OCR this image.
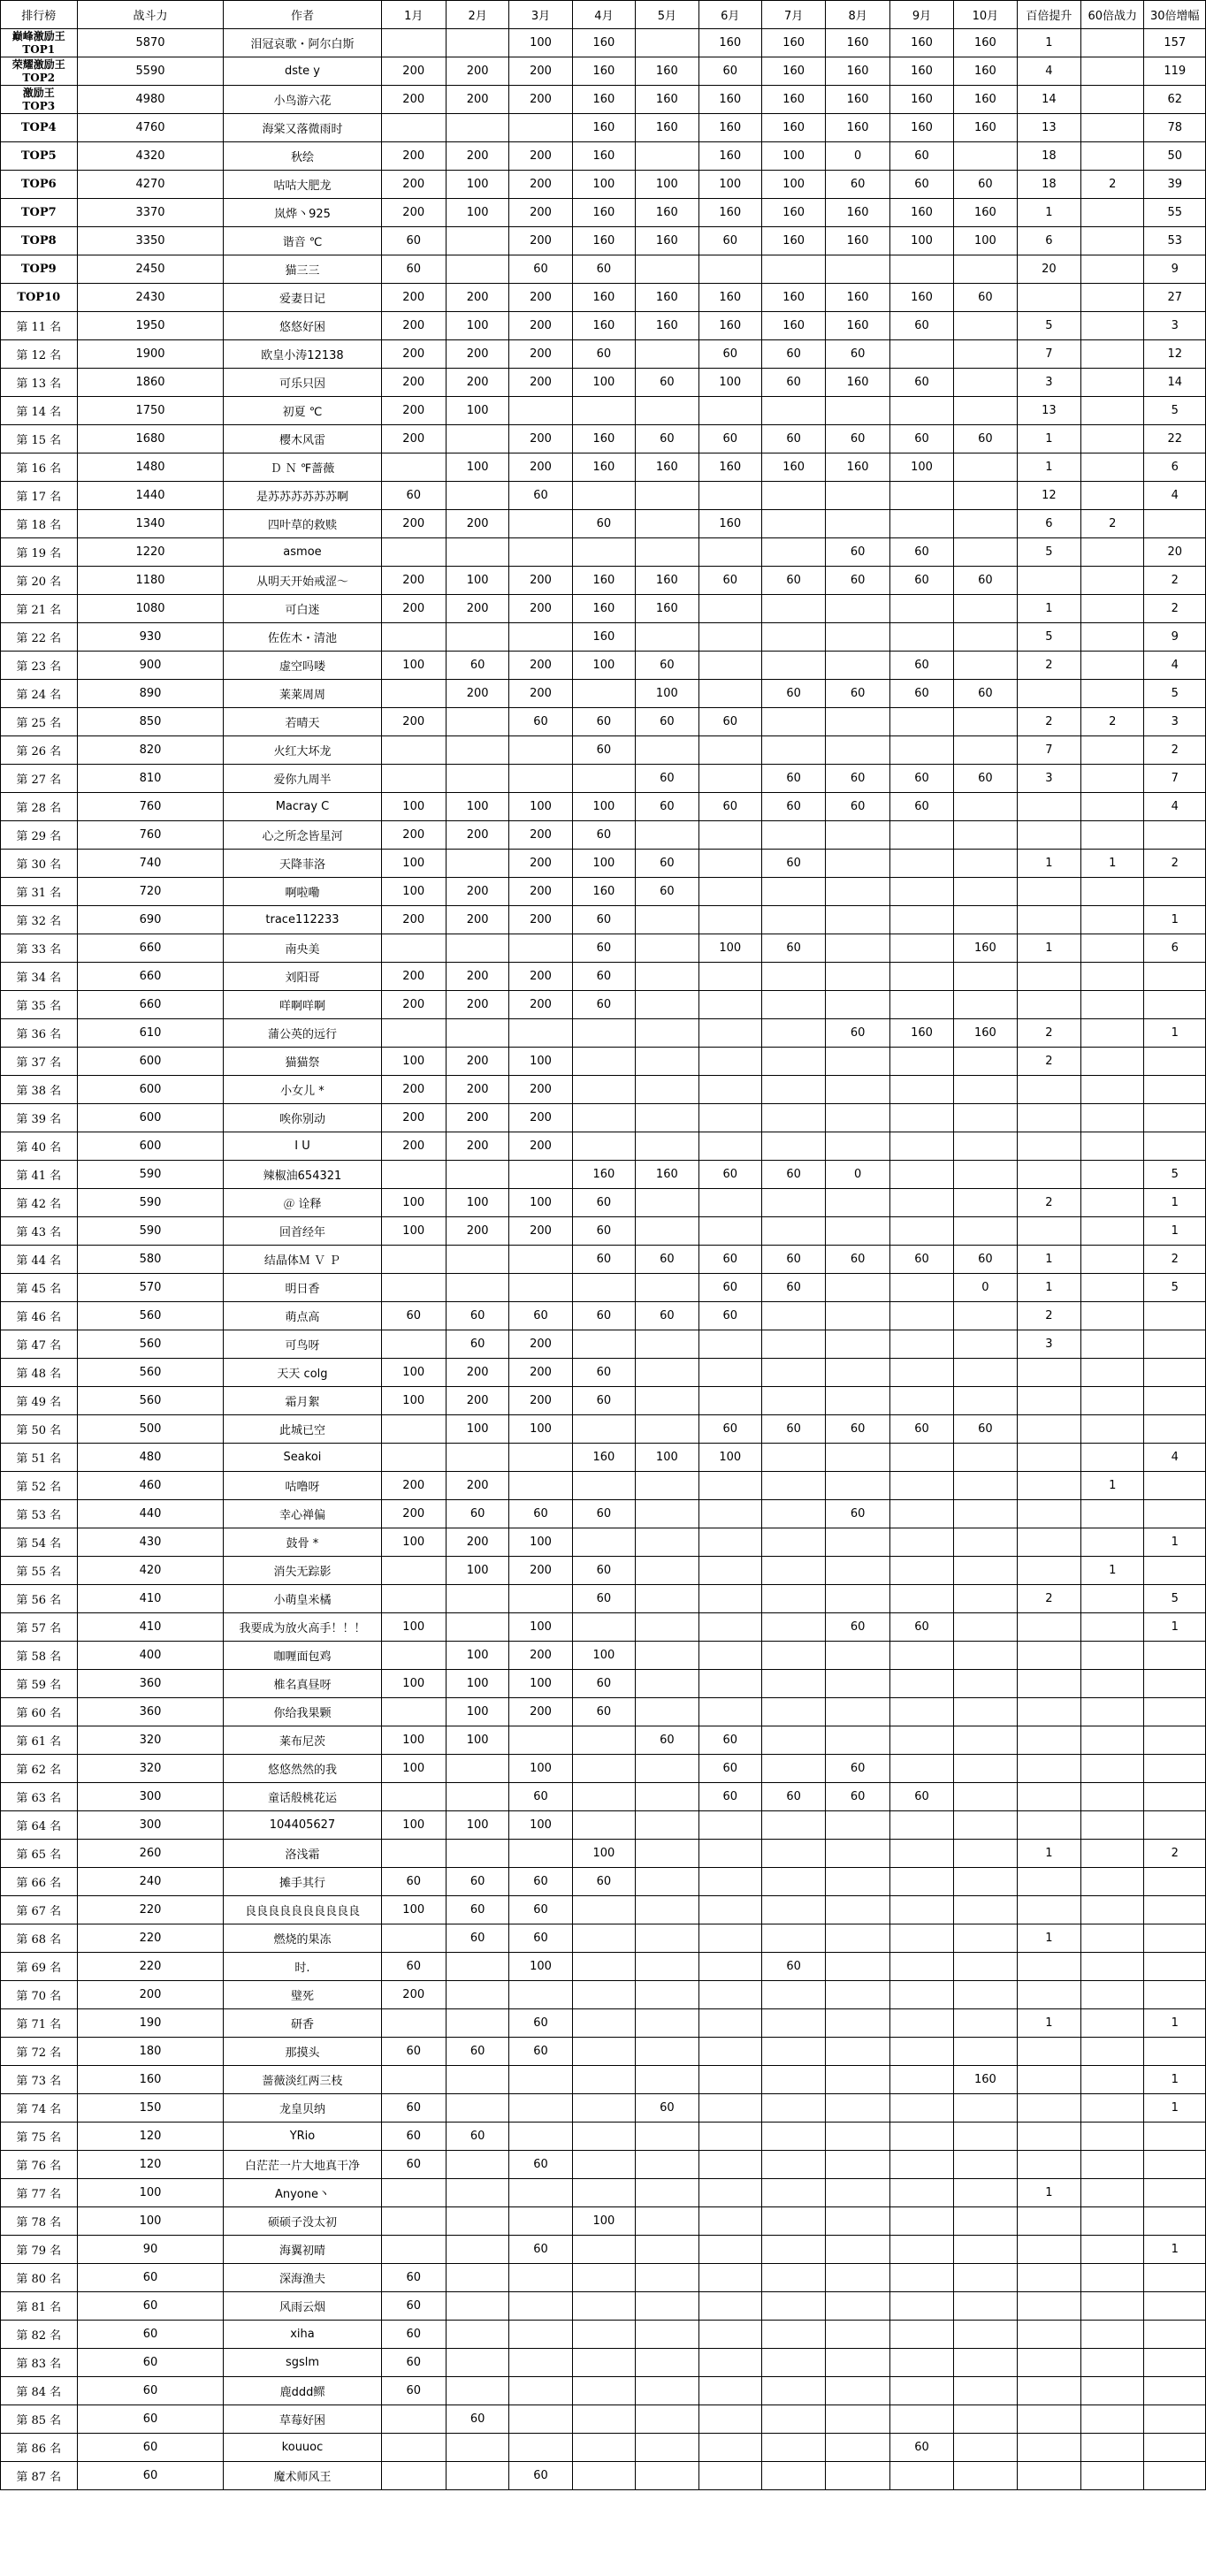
排行榜	战斗力	作者	1月	2月	3月	4月	5月	6月	7月	8月	9月	10月	百倍提升	60倍战力	30倍增幅

巅峰激励王
TOP1	5870	泪冠哀歌・阿尔白斯			100	160		160	160	160	160	160	1		157

荣耀激励王
TOP2	5590	dste y	200	200	200	160	160	60	160	160	160	160	4		119

激励王
TOP3	4980	小鸟游六花	200	200	200	160	160	160	160	160	160	160	14		62
TOP4	4760	海棠又落微雨时				160	160	160	160	160	160	160	13		78
TOP5	4320	秋绘	200	200	200	160		160	100	0	60		18		50
TOP6	4270	咕咕大肥龙	200	100	200	100	100	100	100	60	60	60	18	2	39
TOP7	3370	岚烨丶925	200	100	200	160	160	160	160	160	160	160	1		55
TOP8	3350	谐音 ℃	60		200	160	160	60	160	160	100	100	6		53
TOP9	2450	猫三三	60		60	60							20		9
TOP10	2430	爱妻日记	200	200	200	160	160	160	160	160	160	60			27
第 11 名	1950	悠悠好困	200	100	200	160	160	160	160	160	60		5		3
第 12 名	1900	欧皇小涛12138	200	200	200	60		60	60	60			7		12
第 13 名	1860	可乐只因	200	200	200	100	60	100	60	160	60		3		14
第 14 名	1750	初夏 ℃	200	100									13		5
第 15 名	1680	樱木风雷	200		200	160	60	60	60	60	60	60	1		22
第 16 名	1480	Ｄ Ｎ ℉蔷薇		100	200	160	160	160	160	160	100		1		6
第 17 名	1440	是苏苏苏苏苏苏啊	60		60								12		4
第 18 名	1340	四叶草的救赎	200	200		60		160					6	2	
第 19 名	1220	asmoe								60	60		5		20
第 20 名	1180	从明天开始戒涩～	200	100	200	160	160	60	60	60	60	60			2
第 21 名	1080	可白迷	200	200	200	160	160						1		2
第 22 名	930	佐佐木・清池				160							5		9
第 23 名	900	虚空吗喽	100	60	200	100	60				60		2		4
第 24 名	890	莱莱周周		200	200		100		60	60	60	60			5
第 25 名	850	若晴天	200		60	60	60	60					2	2	3
第 26 名	820	火红大坏龙				60							7		2
第 27 名	810	爱你九周半					60		60	60	60	60	3		7
第 28 名	760	Macray C	100	100	100	100	60	60	60	60	60				4
第 29 名	760	心之所念皆星河	200	200	200	60									
第 30 名	740	天降菲洛	100		200	100	60		60				1	1	2
第 31 名	720	啊啦嘞	100	200	200	160	60								
第 32 名	690	trace112233	200	200	200	60									1
第 33 名	660	南央美				60		100	60			160	1		6
第 34 名	660	刘阳哥	200	200	200	60									
第 35 名	660	咩啊咩啊	200	200	200	60									
第 36 名	610	蒲公英的远行								60	160	160	2		1
第 37 名	600	猫猫祭	100	200	100								2		
第 38 名	600	小女儿 *	200	200	200										
第 39 名	600	唉你别动	200	200	200										
第 40 名	600	I U	200	200	200										
第 41 名	590	辣椒油654321				160	160	60	60	0					5
第 42 名	590	＠ 诠释	100	100	100	60							2		1
第 43 名	590	回首经年	100	200	200	60									1
第 44 名	580	结晶体Ｍ Ｖ Ｐ				60	60	60	60	60	60	60	1		2
第 45 名	570	明日香						60	60			0	1		5
第 46 名	560	萌点高	60	60	60	60	60	60					2		
第 47 名	560	可鸟呀		60	200								3		
第 48 名	560	天天 colg	100	200	200	60									
第 49 名	560	霜月絮	100	200	200	60									
第 50 名	500	此城已空		100	100			60	60	60	60	60			
第 51 名	480	Seakoi				160	100	100							4
第 52 名	460	咕噜呀	200	200										1	
第 53 名	440	幸心禅偏	200	60	60	60				60					
第 54 名	430	鼓骨 *	100	200	100										1
第 55 名	420	消失无踪影		100	200	60								1	
第 56 名	410	小萌皇米橘				60							2		5
第 57 名	410	我要成为放火高手！！！	100		100					60	60				1
第 58 名	400	咖喱面包鸡		100	200	100									
第 59 名	360	椎名真昼呀	100	100	100	60									
第 60 名	360	你给我果颗		100	200	60									
第 61 名	320	莱布尼茨	100	100			60	60							
第 62 名	320	悠悠然然的我	100		100			60		60					
第 63 名	300	童话般桃花运			60			60	60	60	60				
第 64 名	300	104405627	100	100	100										
第 65 名	260	洛浅霜				100							1		2
第 66 名	240	摊手其行	60	60	60	60									
第 67 名	220	良良良良良良良良良良	100	60	60										
第 68 名	220	燃烧的果冻		60	60								1		
第 69 名	220	时.	60		100				60						
第 70 名	200	璧死	200												
第 71 名	190	研香			60								1		1
第 72 名	180	那摸头	60	60	60										
第 73 名	160	蔷薇淡红两三枝										160			1
第 74 名	150	龙皇贝纳	60				60								1
第 75 名	120	YRio	60	60											
第 76 名	120	白茫茫一片大地真干净	60		60										
第 77 名	100	Anyone丶											1		
第 78 名	100	硕硕子没太初				100									
第 79 名	90	海翼初晴			60										1
第 80 名	60	深海渔夫	60												
第 81 名	60	风雨云烟	60												
第 82 名	60	xiha	60												
第 83 名	60	sgslm	60												
第 84 名	60	鹿ddd鳏	60												
第 85 名	60	草莓好困		60											
第 86 名	60	kouuoc									60				
第 87 名	60	魔术师风王			60										
